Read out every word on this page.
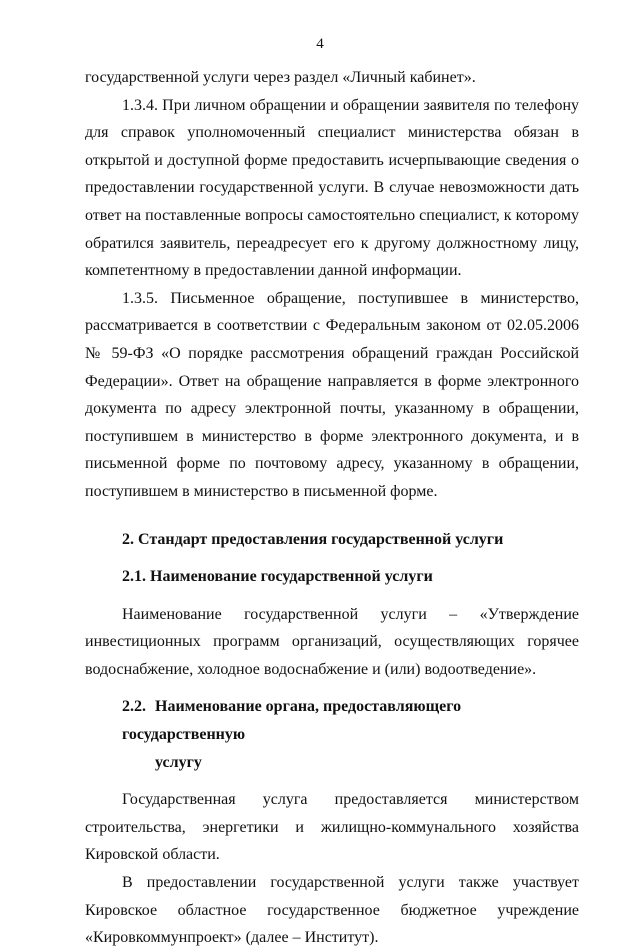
4

государственной услуги через раздел «Личный кабинет».

1.3.4. При личном обращении и обращении заявителя по телефону для справок уполномоченный специалист министерства обязан в открытой и доступной форме предоставить исчерпывающие сведения о предоставлении государственной услуги. В случае невозможности дать ответ на поставленные вопросы самостоятельно специалист, к которому обратился заявитель, переадресует его к другому должностному лицу, компетентному в предоставлении данной информации.

1.3.5. Письменное обращение, поступившее в министерство, рассматривается в соответствии с Федеральным законом от 02.05.2006 № 59-ФЗ «О порядке рассмотрения обращений граждан Российской Федерации». Ответ на обращение направляется в форме электронного документа по адресу электронной почты, указанному в обращении, поступившем в министерство в форме электронного документа, и в письменной форме по почтовому адресу, указанному в обращении, поступившем в министерство в письменной форме.

2. Стандарт предоставления государственной услуги
2.1. Наименование государственной услуги

Наименование государственной услуги – «Утверждение инвестиционных программ организаций, осуществляющих горячее водоснабжение, холодное водоснабжение и (или) водоотведение».

2.2. Наименование органа, предоставляющего государственную
услугу

Государственная услуга предоставляется министерством строительства, энергетики и жилищно-коммунального хозяйства Кировской области.

В предоставлении государственной услуги также участвует Кировское областное государственное бюджетное учреждение «Кировкоммунпроект» (далее – Институт).
